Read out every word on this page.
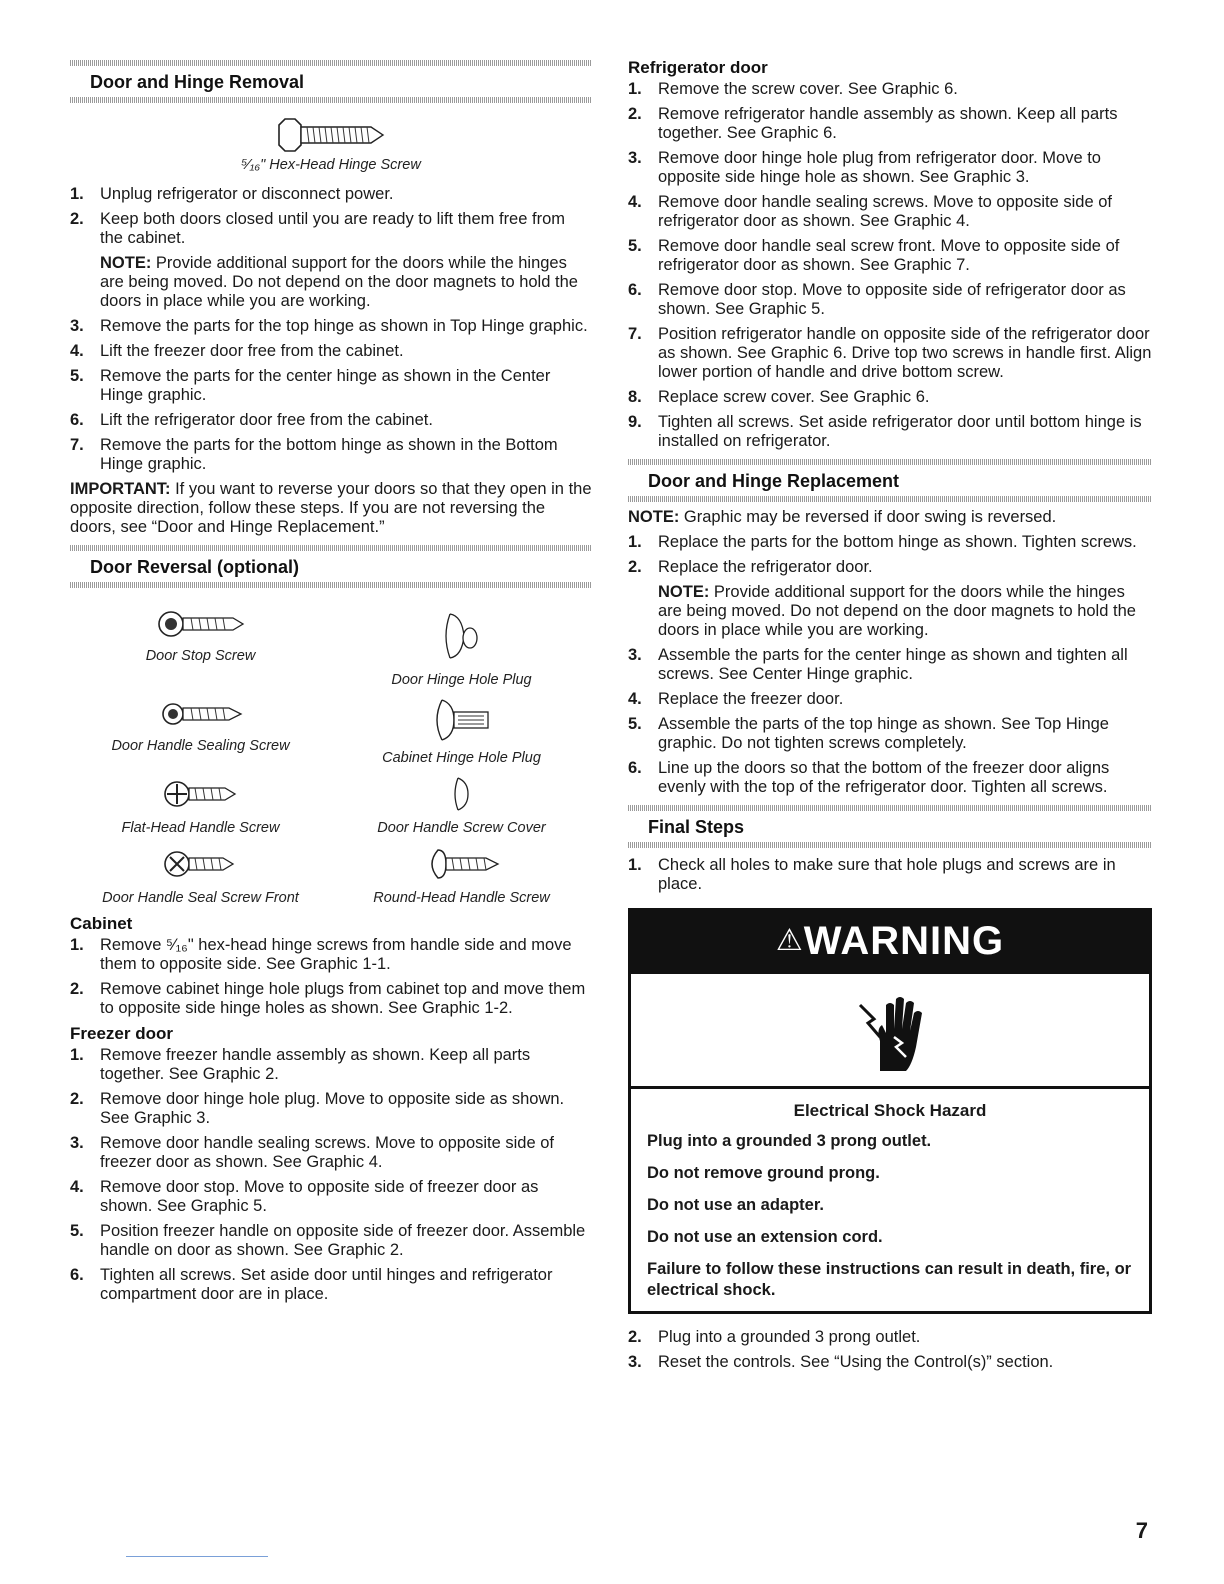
Door and Hinge Removal
⁵⁄₁₆" Hex-Head Hinge Screw
1. Unplug refrigerator or disconnect power.
2. Keep both doors closed until you are ready to lift them free from the cabinet.
NOTE: Provide additional support for the doors while the hinges are being moved. Do not depend on the door magnets to hold the doors in place while you are working.
3. Remove the parts for the top hinge as shown in Top Hinge graphic.
4. Lift the freezer door free from the cabinet.
5. Remove the parts for the center hinge as shown in the Center Hinge graphic.
6. Lift the refrigerator door free from the cabinet.
7. Remove the parts for the bottom hinge as shown in the Bottom Hinge graphic.
IMPORTANT: If you want to reverse your doors so that they open in the opposite direction, follow these steps. If you are not reversing the doors, see “Door and Hinge Replacement.”
Door Reversal (optional)
Door Stop Screw
Door Hinge Hole Plug
Door Handle Sealing Screw
Cabinet Hinge Hole Plug
Flat-Head Handle Screw	Door Handle Screw Cover
Door Handle Seal Screw Front	Round-Head Handle Screw
Cabinet
1. Remove ⁵⁄₁₆" hex-head hinge screws from handle side and move them to opposite side. See Graphic 1-1.
2. Remove cabinet hinge hole plugs from cabinet top and move them to opposite side hinge holes as shown. See Graphic 1-2.
Freezer door
1. Remove freezer handle assembly as shown. Keep all parts together. See Graphic 2.
2. Remove door hinge hole plug. Move to opposite side as shown. See Graphic 3.
3. Remove door handle sealing screws. Move to opposite side of freezer door as shown. See Graphic 4.
4. Remove door stop. Move to opposite side of freezer door as shown. See Graphic 5.
5. Position freezer handle on opposite side of freezer door. Assemble handle on door as shown. See Graphic 2.
6. Tighten all screws. Set aside door until hinges and refrigerator compartment door are in place.
Refrigerator door
1. Remove the screw cover. See Graphic 6.
2. Remove refrigerator handle assembly as shown. Keep all parts together. See Graphic 6.
3. Remove door hinge hole plug from refrigerator door. Move to opposite side hinge hole as shown. See Graphic 3.
4. Remove door handle sealing screws. Move to opposite side of refrigerator door as shown. See Graphic 4.
5. Remove door handle seal screw front. Move to opposite side of refrigerator door as shown. See Graphic 7.
6. Remove door stop. Move to opposite side of refrigerator door as shown. See Graphic 5.
7. Position refrigerator handle on opposite side of the refrigerator door as shown. See Graphic 6. Drive top two screws in handle first. Align lower portion of handle and drive bottom screw.
8. Replace screw cover. See Graphic 6.
9. Tighten all screws. Set aside refrigerator door until bottom hinge is installed on refrigerator.
Door and Hinge Replacement
NOTE: Graphic may be reversed if door swing is reversed.
1. Replace the parts for the bottom hinge as shown. Tighten screws.
2. Replace the refrigerator door.
NOTE: Provide additional support for the doors while the hinges are being moved. Do not depend on the door magnets to hold the doors in place while you are working.
3. Assemble the parts for the center hinge as shown and tighten all screws. See Center Hinge graphic.
4. Replace the freezer door.
5. Assemble the parts of the top hinge as shown. See Top Hinge graphic. Do not tighten screws completely.
6. Line up the doors so that the bottom of the freezer door aligns evenly with the top of the refrigerator door. Tighten all screws.
Final Steps
1. Check all holes to make sure that hole plugs and screws are in place.
⚠WARNING
Electrical Shock Hazard
Plug into a grounded 3 prong outlet.
Do not remove ground prong.
Do not use an adapter.
Do not use an extension cord.
Failure to follow these instructions can result in death, fire, or electrical shock.
2. Plug into a grounded 3 prong outlet.
3. Reset the controls. See “Using the Control(s)” section.
7
